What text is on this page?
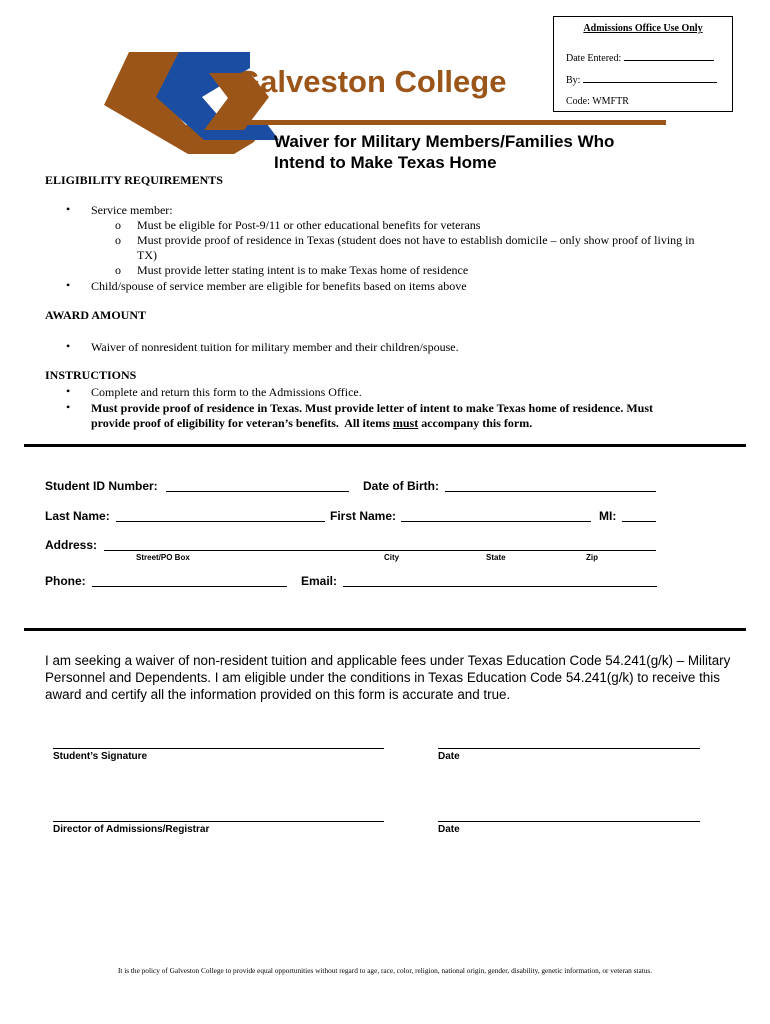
Admissions Office Use Only
Date Entered:
By:
Code: WMFTR
Galveston College
Waiver for Military Members/Families Who
Intend to Make Texas Home
ELIGIBILITY REQUIREMENTS
• Service member:
o Must be eligible for Post-9/11 or other educational benefits for veterans
o Must provide proof of residence in Texas (student does not have to establish domicile – only show proof of living in
TX)
o Must provide letter stating intent is to make Texas home of residence
• Child/spouse of service member are eligible for benefits based on items above
AWARD AMOUNT
• Waiver of nonresident tuition for military member and their children/spouse.
INSTRUCTIONS
• Complete and return this form to the Admissions Office.
• Must provide proof of residence in Texas. Must provide letter of intent to make Texas home of residence. Must
provide proof of eligibility for veteran’s benefits.  All items must accompany this form.
Student ID Number:	Date of Birth:
Last Name:	First Name:	MI:
Address:
Street/PO Box	City	State	Zip
Phone:	Email:
I am seeking a waiver of non-resident tuition and applicable fees under Texas Education Code 54.241(g/k) – Military Personnel and Dependents. I am eligible under the conditions in Texas Education Code 54.241(g/k) to receive this award and certify all the information provided on this form is accurate and true.
Student’s Signature	Date
Director of Admissions/Registrar	Date
It is the policy of Galveston College to provide equal opportunities without regard to age, race, color, religion, national origin, gender, disability, genetic information, or veteran status.
